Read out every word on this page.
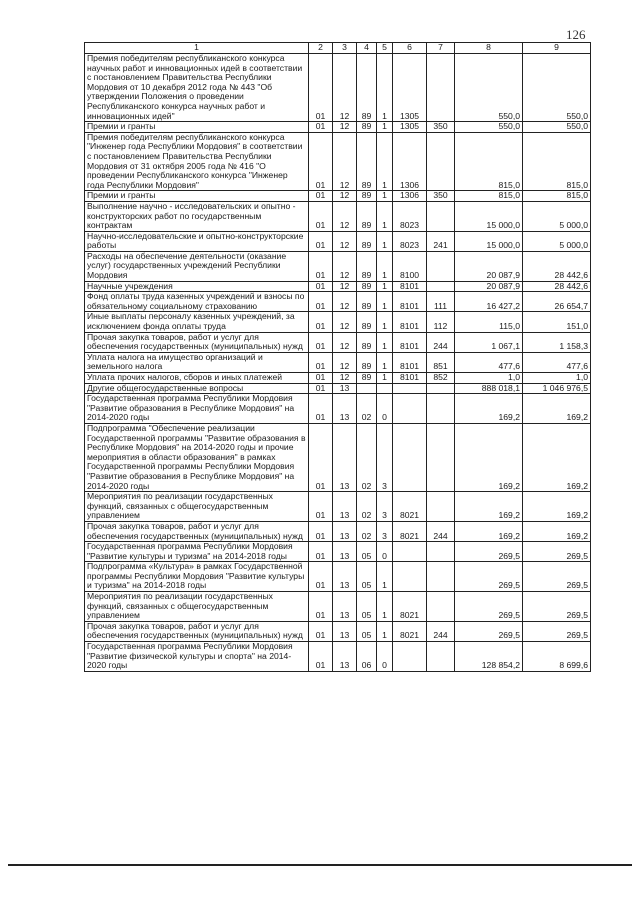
126
1	2	3	4	5	6	7	8	9
Премия победителям республиканского конкурса научных работ и инновационных идей в соответствии с постановлением Правительства Республики Мордовия от 10 декабря 2012 года № 443 "Об утверждении Положения о проведении Республиканского конкурса научных работ и инновационных идей"	01	12	89	1	1305		550,0	550,0
Премии и гранты	01	12	89	1	1305	350	550,0	550,0
Премия победителям республиканского конкурса "Инженер года Республики Мордовия" в соответствии с постановлением Правительства Республики Мордовия от 31 октября 2005 года № 416 "О проведении Республиканского конкурса "Инженер года Республики Мордовия"	01	12	89	1	1306		815,0	815,0
Премии и гранты	01	12	89	1	1306	350	815,0	815,0
Выполнение научно - исследовательских и опытно - конструкторских работ по государственным контрактам	01	12	89	1	8023		15 000,0	5 000,0
Научно-исследовательские и опытно-конструкторские работы	01	12	89	1	8023	241	15 000,0	5 000,0
Расходы на обеспечение деятельности (оказание услуг) государственных учреждений Республики Мордовия	01	12	89	1	8100		20 087,9	28 442,6
Научные учреждения	01	12	89	1	8101		20 087,9	28 442,6
Фонд оплаты труда казенных учреждений и взносы по обязательному социальному страхованию	01	12	89	1	8101	111	16 427,2	26 654,7
Иные выплаты персоналу казенных учреждений, за исключением фонда оплаты труда	01	12	89	1	8101	112	115,0	151,0
Прочая закупка товаров, работ и услуг для обеспечения государственных (муниципальных) нужд	01	12	89	1	8101	244	1 067,1	1 158,3
Уплата налога на имущество организаций и земельного налога	01	12	89	1	8101	851	477,6	477,6
Уплата прочих налогов, сборов и иных платежей	01	12	89	1	8101	852	1,0	1,0
Другие общегосударственные вопросы	01	13					888 018,1	1 046 976,5
Государственная программа Республики Мордовия "Развитие образования в Республике Мордовия" на 2014-2020 годы	01	13	02	0			169,2	169,2
Подпрограмма "Обеспечение реализации Государственной программы "Развитие образования в Республике Мордовия" на 2014-2020 годы и прочие мероприятия в области образования" в рамках Государственной программы Республики Мордовия "Развитие образования в Республике Мордовия" на 2014-2020 годы	01	13	02	3			169,2	169,2
Мероприятия по реализации государственных функций, связанных с общегосударственным управлением	01	13	02	3	8021		169,2	169,2
Прочая закупка товаров, работ и услуг для обеспечения государственных (муниципальных) нужд	01	13	02	3	8021	244	169,2	169,2
Государственная программа Республики Мордовия "Развитие культуры и туризма" на 2014-2018 годы	01	13	05	0			269,5	269,5
Подпрограмма «Культура» в рамках Государственной программы Республики Мордовия "Развитие культуры и туризма" на 2014-2018 годы	01	13	05	1			269,5	269,5
Мероприятия по реализации государственных функций, связанных с общегосударственным управлением	01	13	05	1	8021		269,5	269,5
Прочая закупка товаров, работ и услуг для обеспечения государственных (муниципальных) нужд	01	13	05	1	8021	244	269,5	269,5
Государственная программа Республики Мордовия "Развитие физической культуры и спорта" на 2014-2020 годы	01	13	06	0			128 854,2	8 699,6
